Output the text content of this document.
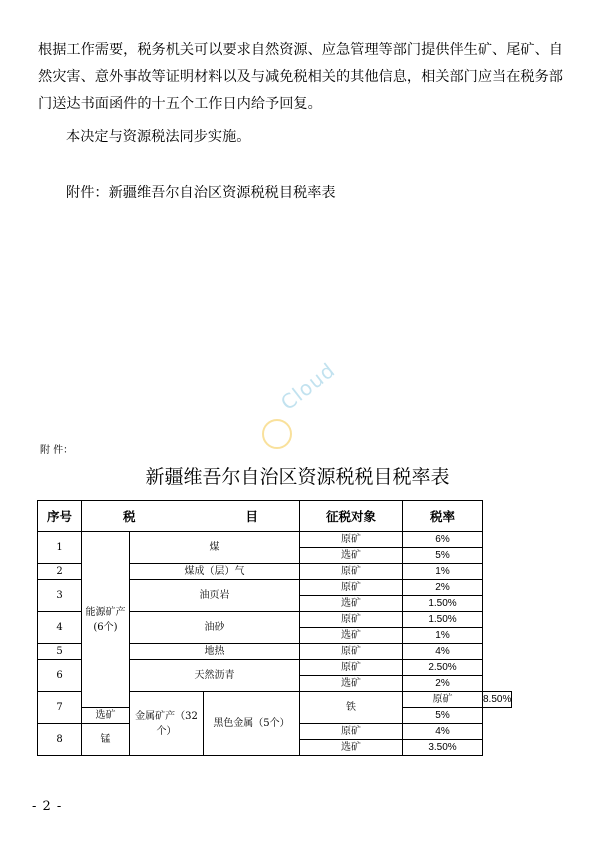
根据工作需要，税务机关可以要求自然资源、应急管理等部门提供伴生矿、尾矿、自然灾害、意外事故等证明材料以及与减免税相关的其他信息，相关部门应当在税务部门送达书面函件的十五个工作日内给予回复。

本决定与资源税法同步实施。

附件：新疆维吾尔自治区资源税税目税率表

Cloud
附 件：
新疆维吾尔自治区资源税税目税率表
序号	税 目			征税对象	税率	
1	能源矿产(6个)	煤		原矿	6%	
				选矿	5%	
2		煤成（层）气		原矿	1%	
3		油页岩		原矿	2%	
				选矿	1.50%	
4		油砂		原矿	1.50%	
				选矿	1%	
5		地热		原矿	4%	
6		天然沥青		原矿	2.50%	
				选矿	2%	
7		金属矿产（32个）	黑色金属（5个）	铁	原矿	8.50%
	选矿				5%	
8	锰			原矿	4%	
				选矿	3.50%	
- 2 -
